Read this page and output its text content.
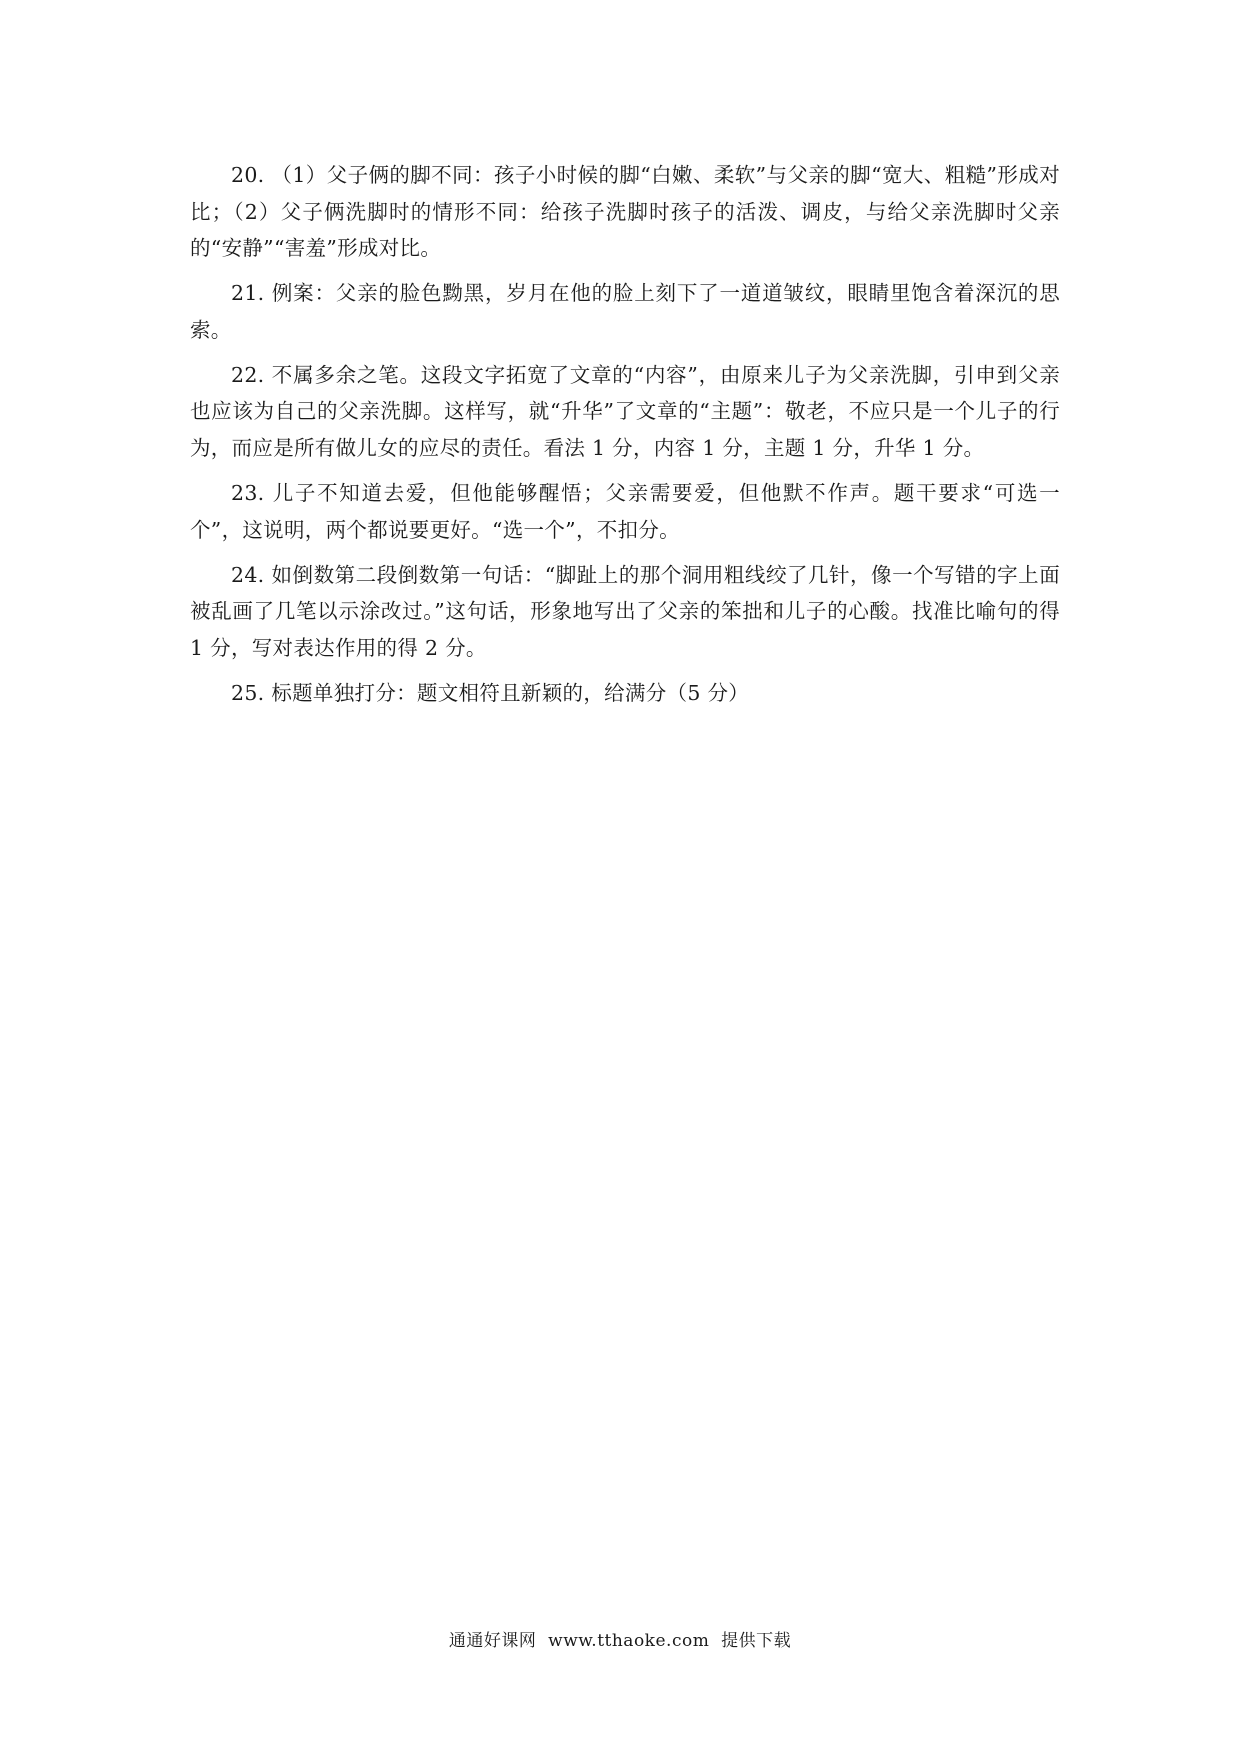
20. （1）父子俩的脚不同：孩子小时候的脚“白嫩、柔软”与父亲的脚“宽大、粗糙”形成对比；（2）父子俩洗脚时的情形不同：给孩子洗脚时孩子的活泼、调皮，与给父亲洗脚时父亲的“安静”“害羞”形成对比。

21. 例案：父亲的脸色黝黑，岁月在他的脸上刻下了一道道皱纹，眼睛里饱含着深沉的思索。

22. 不属多余之笔。这段文字拓宽了文章的“内容”，由原来儿子为父亲洗脚，引申到父亲也应该为自己的父亲洗脚。这样写，就“升华”了文章的“主题”：敬老，不应只是一个儿子的行为，而应是所有做儿女的应尽的责任。看法 1 分，内容 1 分，主题 1 分，升华 1 分。

23. 儿子不知道去爱，但他能够醒悟；父亲需要爱，但他默不作声。题干要求“可选一个”，这说明，两个都说要更好。“选一个”，不扣分。

24. 如倒数第二段倒数第一句话：“脚趾上的那个洞用粗线绞了几针，像一个写错的字上面被乱画了几笔以示涂改过。”这句话，形象地写出了父亲的笨拙和儿子的心酸。找准比喻句的得 1 分，写对表达作用的得 2 分。

25. 标题单独打分：题文相符且新颖的，给满分（5 分）

通通好课网 www.tthaoke.com 提供下载
